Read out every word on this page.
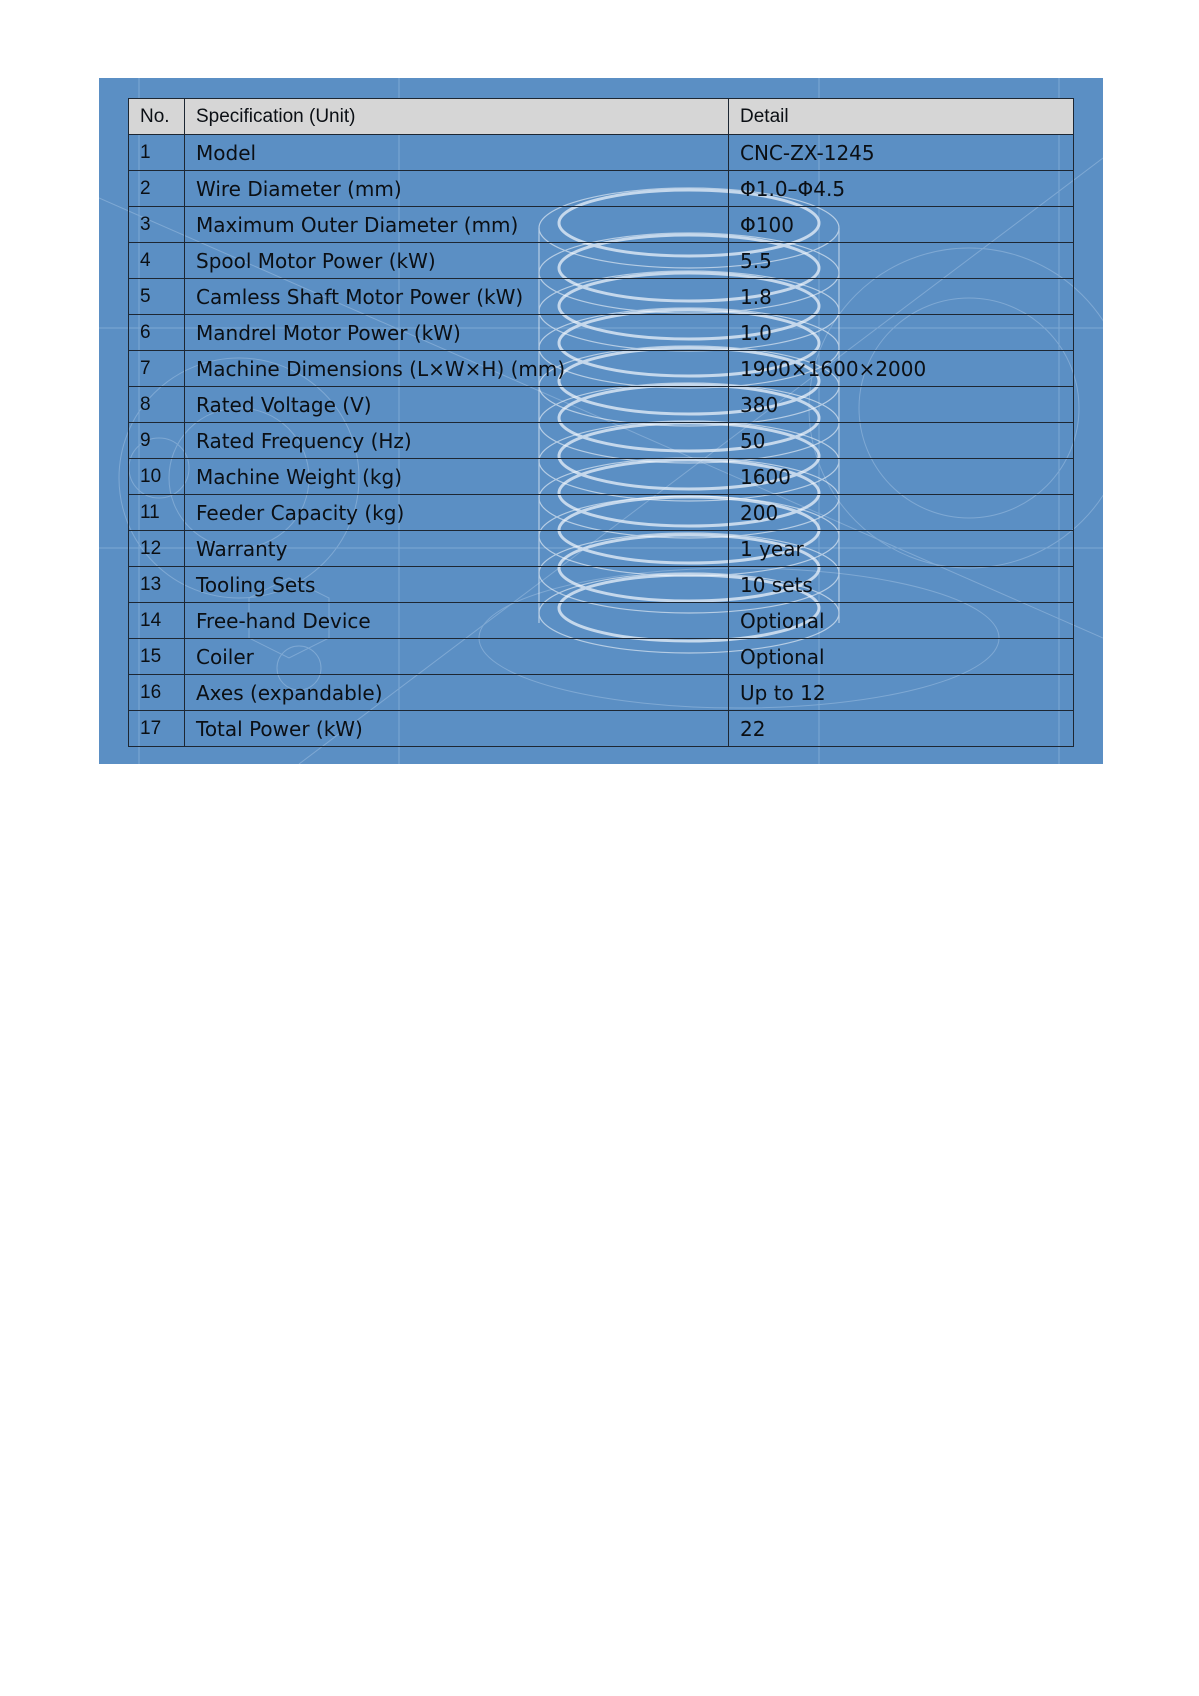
No.	Specification (Unit)	Detail
1	Model	CNC-ZX-1245
2	Wire Diameter (mm)	Φ1.0–Φ4.5
3	Maximum Outer Diameter (mm)	Φ100
4	Spool Motor Power (kW)	5.5
5	Camless Shaft Motor Power (kW)	1.8
6	Mandrel Motor Power (kW)	1.0
7	Machine Dimensions (L×W×H) (mm)	1900×1600×2000
8	Rated Voltage (V)	380
9	Rated Frequency (Hz)	50
10	Machine Weight (kg)	1600
11	Feeder Capacity (kg)	200
12	Warranty	1 year
13	Tooling Sets	10 sets
14	Free-hand Device	Optional
15	Coiler	Optional
16	Axes (expandable)	Up to 12
17	Total Power (kW)	22
